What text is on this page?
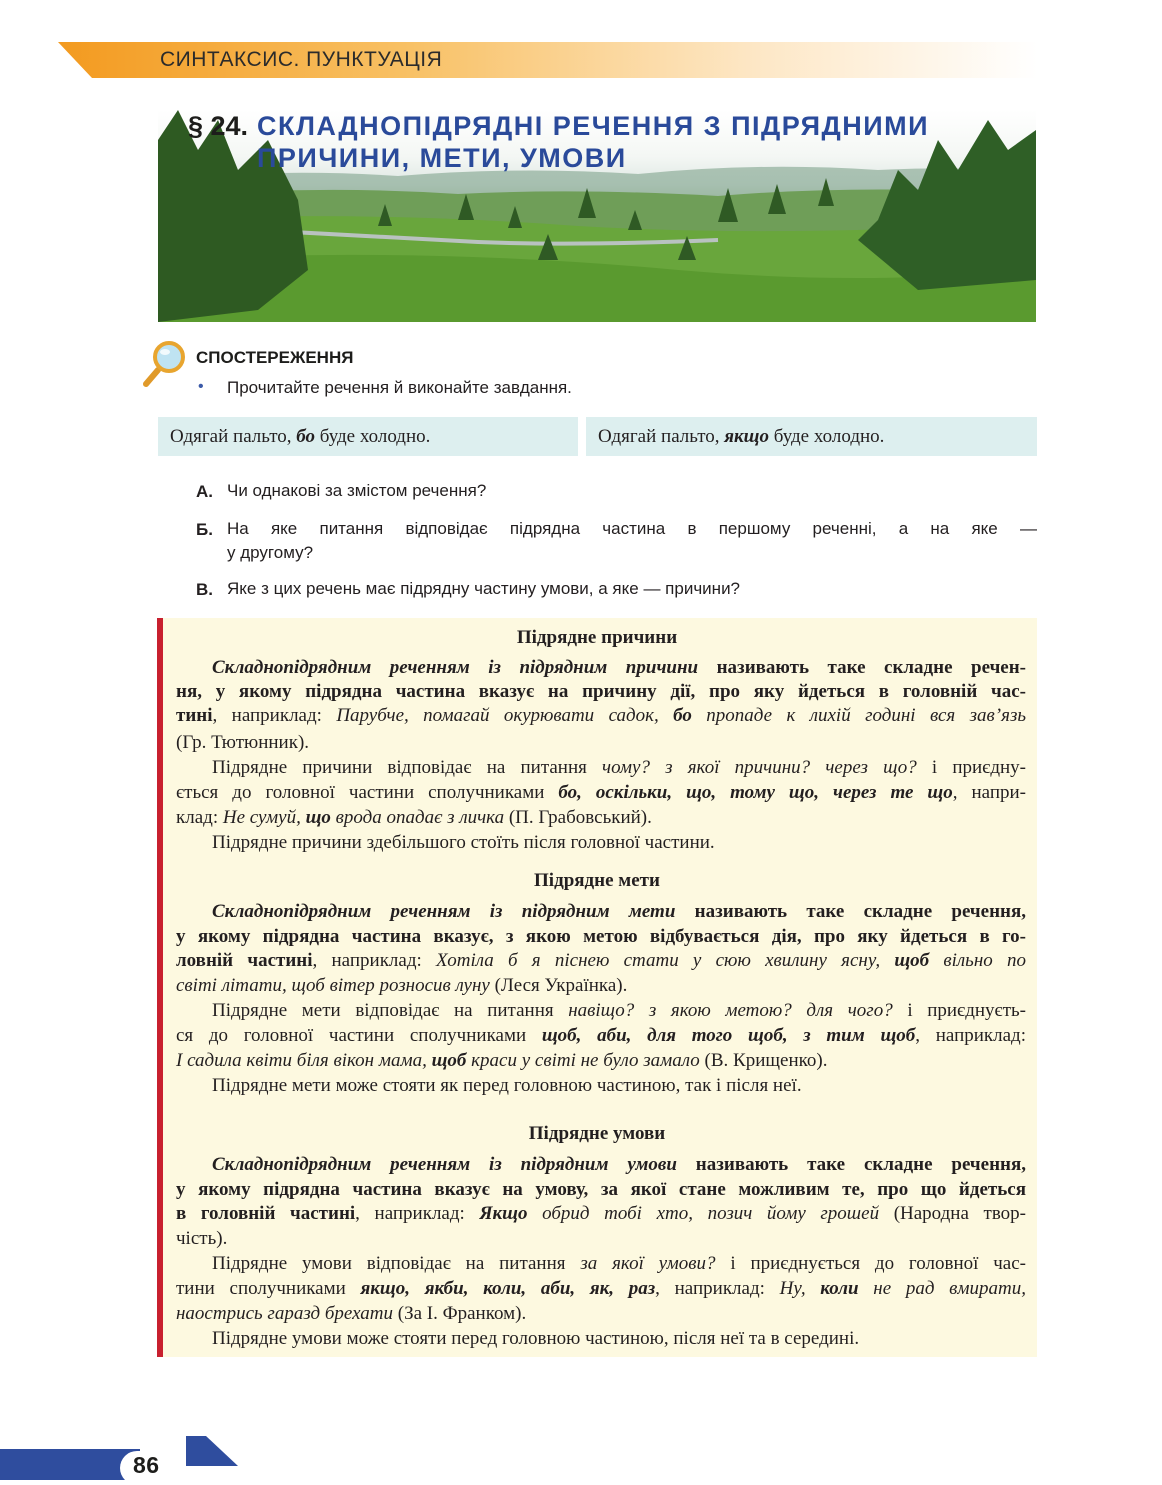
СИНТАКСИС. ПУНКТУАЦІЯ
§ 24. СКЛАДНОПІДРЯДНІ РЕЧЕННЯ З ПІДРЯДНИМИ
ПРИЧИНИ, МЕТИ, УМОВИ
СПОСТЕРЕЖЕННЯ
• Прочитайте речення й виконайте завдання.
Одягай пальто, бо буде холодно.	Одягай пальто, якщо буде холодно.
А. Чи однакові за змістом речення?
Б. На  яке  питання  відповідає  підрядна  частина  в  першому  реченні,  а  на  яке  —
у другому?
В. Яке з цих речень має підрядну частину умови, а яке — причини?
Підрядне причини
Складнопідрядним реченням із підрядним причини називають таке складне речен-
ня, у якому підрядна частина вказує на причину дії, про яку йдеться в головній час-
тині, наприклад: Парубче, помагай окурювати садок, бо пропаде к лихій годині вся зав’язь
(Гр. Тютюнник).
Підрядне причини відповідає на питання чому? з якої причини? через що? і приєдну-
ється до головної частини сполучниками бо, оскільки, що, тому що, через те що, напри-
клад: Не сумуй, що врода опадає з личка (П. Грабовський).
Підрядне причини здебільшого стоїть після головної частини.
Підрядне мети
Складнопідрядним реченням із підрядним мети називають таке складне речення,
у якому підрядна частина вказує, з якою метою відбувається дія, про яку йдеться в го-
ловній частині, наприклад: Хотіла б я піснею стати у сюю хвилину ясну, щоб вільно по
світі літати, щоб вітер розносив луну (Леся Українка).
Підрядне мети відповідає на питання навіщо? з якою метою? для чого? і приєднуєть-
ся до головної частини сполучниками щоб, аби, для того щоб, з тим щоб, наприклад:
І садила квіти біля вікон мама, щоб краси у світі не було замало (В. Крищенко).
Підрядне мети може стояти як перед головною частиною, так і після неї.
Підрядне умови
Складнопідрядним реченням із підрядним умови називають таке складне речення,
у якому підрядна частина вказує на умову, за якої стане можливим те, про що йдеться
в головній частині, наприклад: Якщо обрид тобі хто, позич йому грошей (Народна твор-
чість).
Підрядне умови відповідає на питання за якої умови? і приєднується до головної час-
тини сполучниками якщо, якби, коли, аби, як, раз, наприклад: Ну, коли не рад вмирати,
наострись гаразд брехати (За І. Франком).
Підрядне умови може стояти перед головною частиною, після неї та в середині.
86
